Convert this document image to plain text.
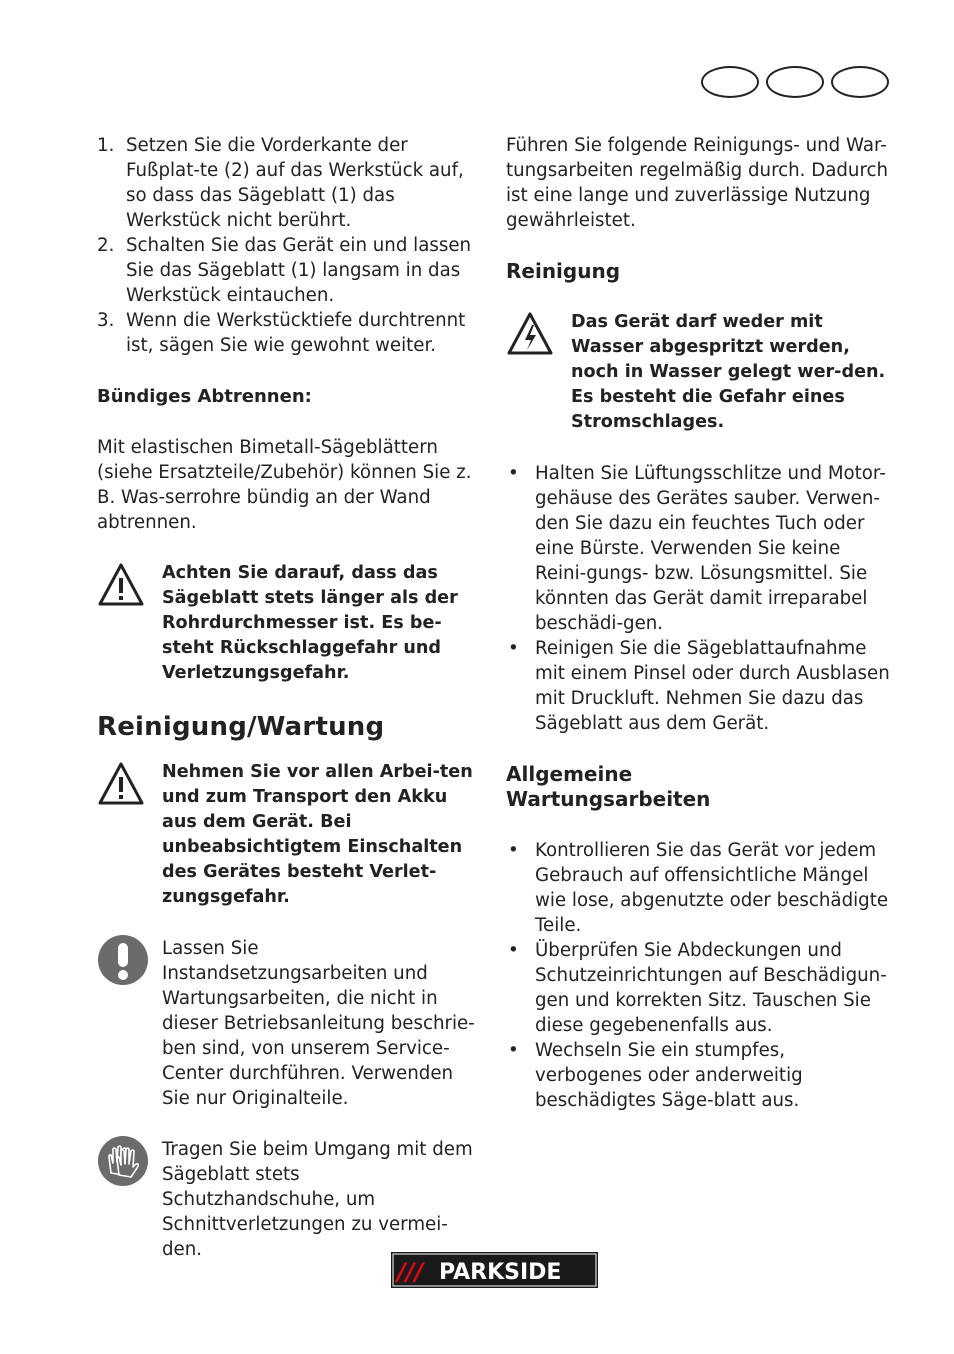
1. Setzen Sie die Vorderkante der Fußplat-te (2) auf das Werkstück auf, so dass das Sägeblatt (1) das Werkstück nicht berührt.
2. Schalten Sie das Gerät ein und lassen Sie das Sägeblatt (1) langsam in das Werkstück eintauchen.
3. Wenn die Werkstücktiefe durchtrennt ist, sägen Sie wie gewohnt weiter.

Bündiges Abtrennen:

Mit elastischen Bimetall-Sägeblättern (siehe Ersatzteile/Zubehör) können Sie z. B. Was-serrohre bündig an der Wand abtrennen.

Achten Sie darauf, dass das Sägeblatt stets länger als der Rohrdurchmesser ist. Es be-steht Rückschlaggefahr und Verletzungsgefahr.

Reinigung/Wartung

Nehmen Sie vor allen Arbei-ten und zum Transport den Akku aus dem Gerät. Bei unbeabsichtigtem Einschalten des Gerätes besteht Verlet-zungsgefahr.

Lassen Sie Instandsetzungsarbeiten und Wartungsarbeiten, die nicht in dieser Betriebsanleitung beschrie-ben sind, von unserem Service-Center durchführen. Verwenden Sie nur Originalteile.

Tragen Sie beim Umgang mit dem Sägeblatt stets Schutzhandschuhe, um Schnittverletzungen zu vermei-den.

Führen Sie folgende Reinigungs- und War-tungsarbeiten regelmäßig durch. Dadurch ist eine lange und zuverlässige Nutzung gewährleistet.

Reinigung

Das Gerät darf weder mit Wasser abgespritzt werden, noch in Wasser gelegt wer-den. Es besteht die Gefahr eines Stromschlages.

• Halten Sie Lüftungsschlitze und Motor-gehäuse des Gerätes sauber. Verwen-den Sie dazu ein feuchtes Tuch oder eine Bürste. Verwenden Sie keine Reini-gungs- bzw. Lösungsmittel. Sie könnten das Gerät damit irreparabel beschädi-gen.
• Reinigen Sie die Sägeblattaufnahme mit einem Pinsel oder durch Ausblasen mit Druckluft. Nehmen Sie dazu das Sägeblatt aus dem Gerät.

Allgemeine Wartungsarbeiten

• Kontrollieren Sie das Gerät vor jedem Gebrauch auf offensichtliche Mängel wie lose, abgenutzte oder beschädigte Teile.
• Überprüfen Sie Abdeckungen und Schutzeinrichtungen auf Beschädigun-gen und korrekten Sitz. Tauschen Sie diese gegebenenfalls aus.
• Wechseln Sie ein stumpfes, verbogenes oder anderweitig beschädigtes Säge-blatt aus.
/// PARKSIDE
